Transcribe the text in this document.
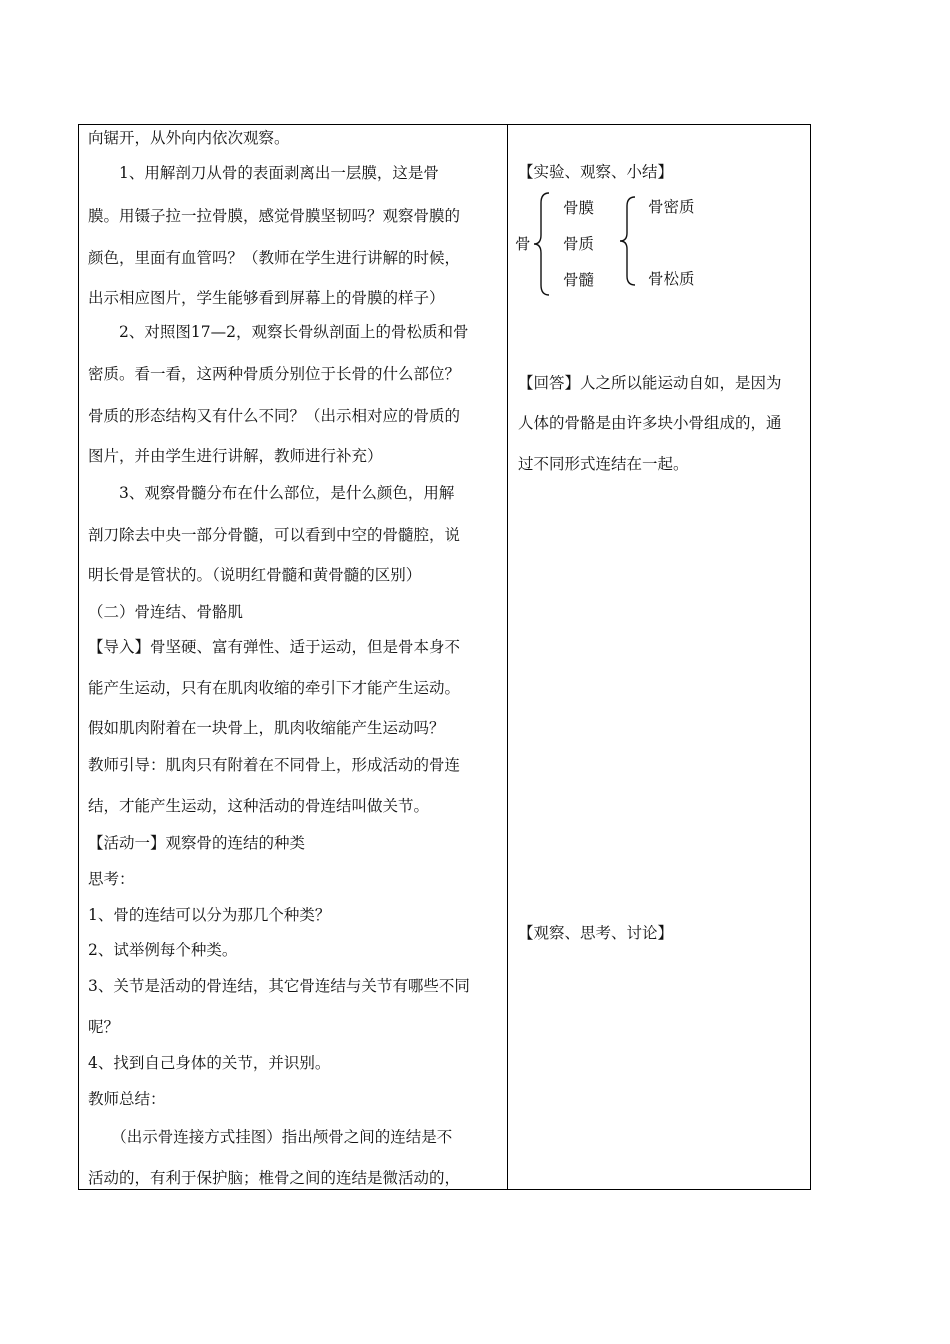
向锯开，从外向内依次观察。
　　1、用解剖刀从骨的表面剥离出一层膜，这是骨
膜。用镊子拉一拉骨膜，感觉骨膜坚韧吗？观察骨膜的
颜色，里面有血管吗？（教师在学生进行讲解的时候，
出示相应图片，学生能够看到屏幕上的骨膜的样子）
　　2、对照图17—2，观察长骨纵剖面上的骨松质和骨
密质。看一看，这两种骨质分别位于长骨的什么部位？
骨质的形态结构又有什么不同？（出示相对应的骨质的
图片，并由学生进行讲解，教师进行补充）
　　3、观察骨髓分布在什么部位，是什么颜色，用解
剖刀除去中央一部分骨髓，可以看到中空的骨髓腔，说
明长骨是管状的。（说明红骨髓和黄骨髓的区别）
（二）骨连结、骨骼肌
【导入】骨坚硬、富有弹性、适于运动，但是骨本身不
能产生运动，只有在肌肉收缩的牵引下才能产生运动。
假如肌肉附着在一块骨上，肌肉收缩能产生运动吗？
教师引导：肌肉只有附着在不同骨上，形成活动的骨连
结，才能产生运动，这种活动的骨连结叫做关节。
【活动一】观察骨的连结的种类
思考：
1、骨的连结可以分为那几个种类？
2、试举例每个种类。
3、关节是活动的骨连结，其它骨连结与关节有哪些不同
呢？
4、找到自己身体的关节，并识别。
教师总结：
　　（出示骨连接方式挂图）指出颅骨之间的连结是不
活动的，有利于保护脑；椎骨之间的连结是微活动的，
【实验、观察、小结】
骨
骨膜
骨质
骨髓
骨密质
骨松质
【回答】人之所以能运动自如，是因为
人体的骨骼是由许多块小骨组成的，通
过不同形式连结在一起。
【观察、思考、讨论】
